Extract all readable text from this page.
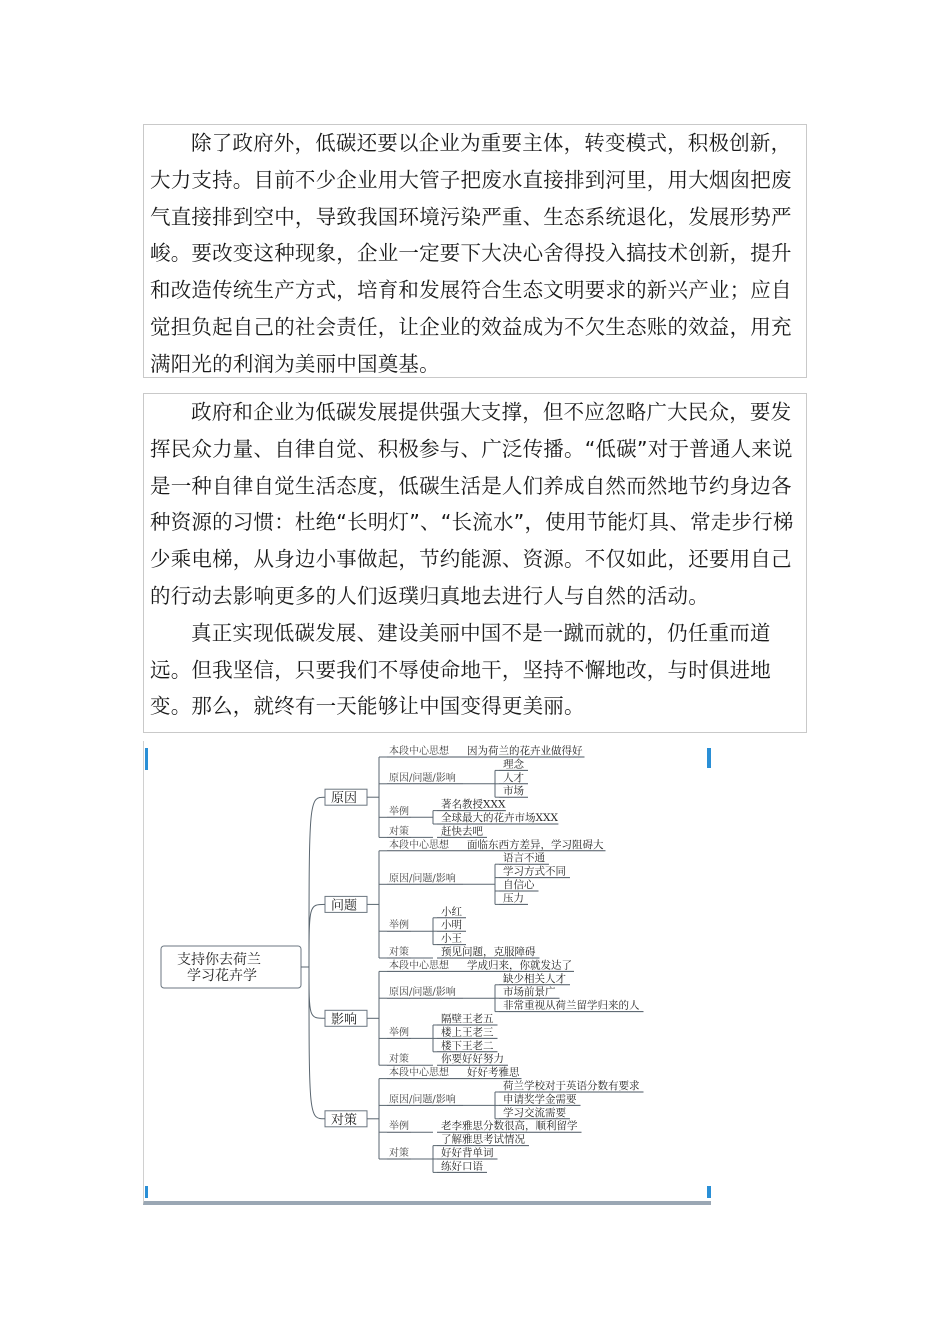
除了政府外，低碳还要以企业为重要主体，转变模式，积极创新，大力支持。目前不少企业用大管子把废水直接排到河里，用大烟囱把废气直接排到空中，导致我国环境污染严重、生态系统退化，发展形势严峻。要改变这种现象，企业一定要下大决心舍得投入搞技术创新，提升和改造传统生产方式，培育和发展符合生态文明要求的新兴产业；应自觉担负起自己的社会责任，让企业的效益成为不欠生态账的效益，用充满阳光的利润为美丽中国奠基。

政府和企业为低碳发展提供强大支撑，但不应忽略广大民众，要发挥民众力量、自律自觉、积极参与、广泛传播。“低碳”对于普通人来说是一种自律自觉生活态度，低碳生活是人们养成自然而然地节约身边各种资源的习惯：杜绝“长明灯”、“长流水”，使用节能灯具、常走步行梯少乘电梯，从身边小事做起，节约能源、资源。不仅如此，还要用自己的行动去影响更多的人们返璞归真地去进行人与自然的活动。

真正实现低碳发展、建设美丽中国不是一蹴而就的，仍任重而道远。但我坚信，只要我们不辱使命地干，坚持不懈地改，与时俱进地变。那么，就终有一天能够让中国变得更美丽。

支持你去荷兰
学习花卉学
本段中心思想 因为荷兰的花卉业做得好
原因/问题/影响
理念
人才
市场
举例
著名教授XXX
全球最大的花卉市场XXX
对策	赶快去吧
原因
本段中心思想 面临东西方差异，学习阻碍大
原因/问题/影响
语言不通
学习方式不同
自信心
压力
举例
小红
小明
小王
对策	预见问题，克服障碍
问题
本段中心思想 学成归来，你就发达了
原因/问题/影响
缺少相关人才
市场前景广
非常重视从荷兰留学归来的人
举例
隔壁王老五
楼上王老三
楼下王老二
对策	你要好好努力
影响
本段中心思想 好好考雅思
原因/问题/影响
荷兰学校对于英语分数有要求
申请奖学金需要
学习交流需要
举例	老李雅思分数很高，顺利留学
对策
了解雅思考试情况
好好背单词
练好口语
对策
